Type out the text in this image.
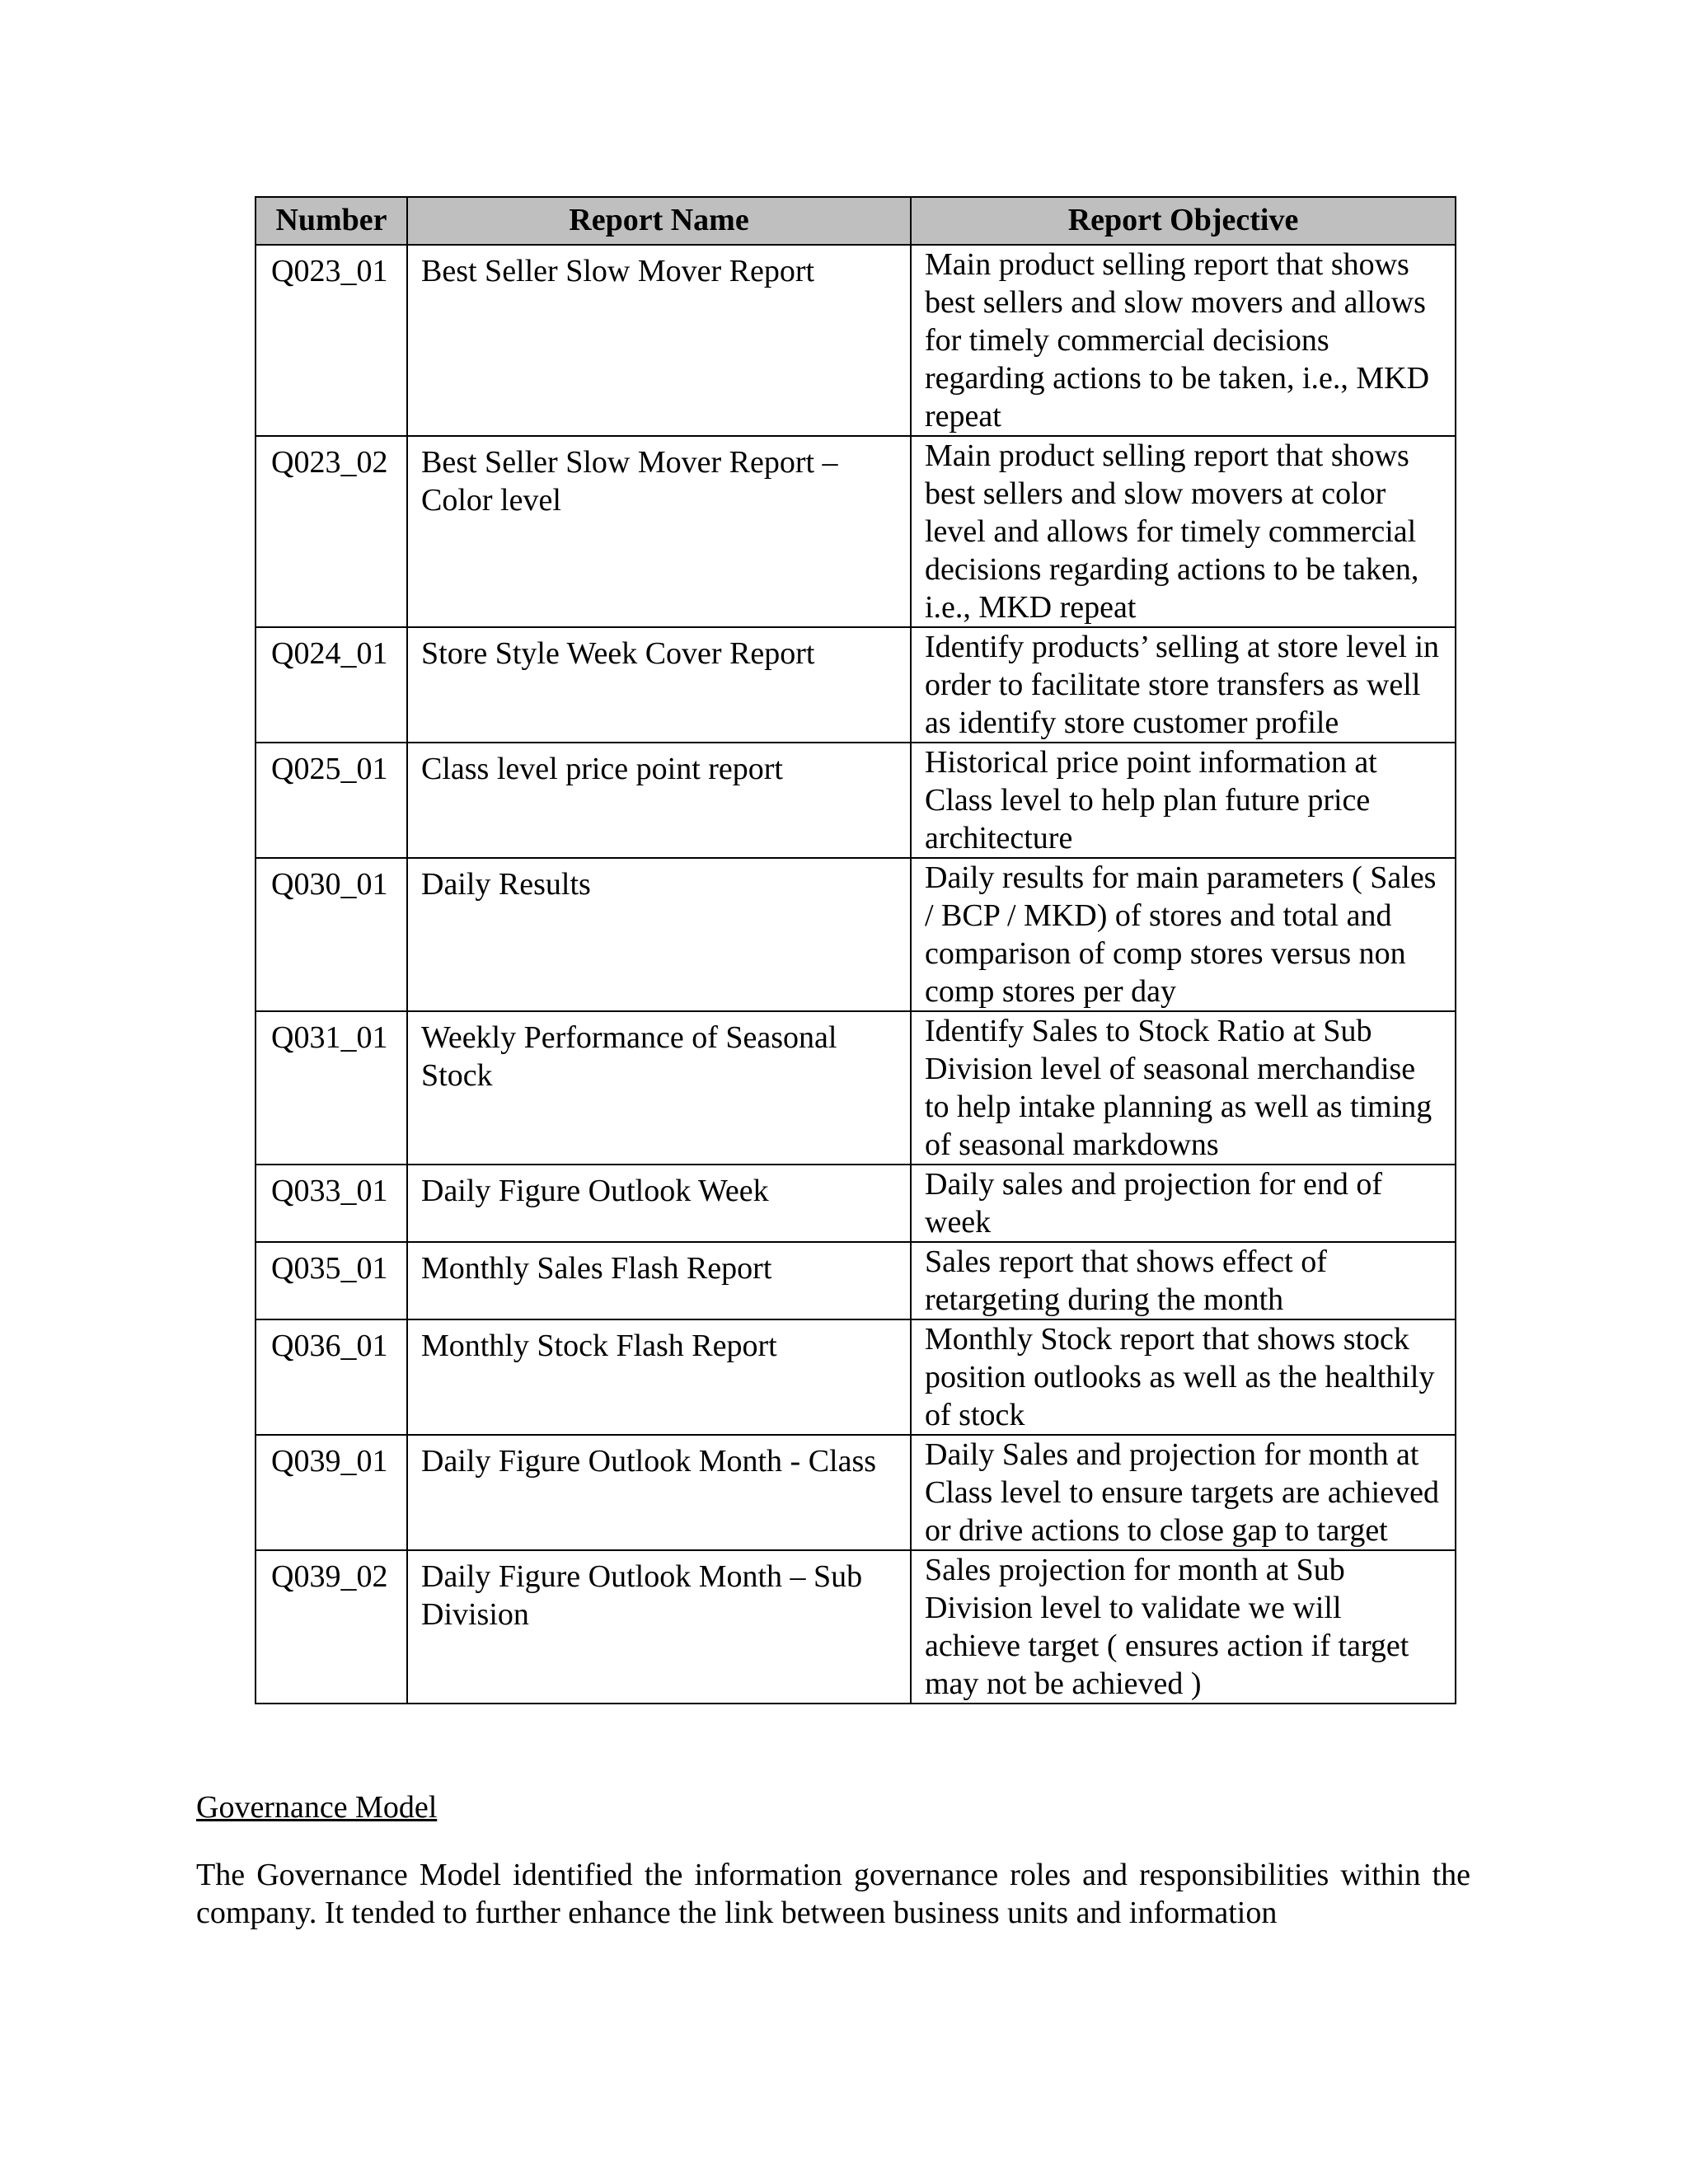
Number	Report Name	Report Objective
Q023_01	Best Seller Slow Mover Report	Main product selling report that shows best sellers and slow movers and allows for timely commercial decisions regarding actions to be taken, i.e., MKD repeat
Q023_02	Best Seller Slow Mover Report – Color level	Main product selling report that shows best sellers and slow movers at color level and allows for timely commercial decisions regarding actions to be taken, i.e., MKD repeat
Q024_01	Store Style Week Cover Report	Identify products’ selling at store level in order to facilitate store transfers as well as identify store customer profile
Q025_01	Class level price point report	Historical price point information at Class level to help plan future price architecture
Q030_01	Daily Results	Daily results for main parameters ( Sales / BCP / MKD) of stores and total and comparison of comp stores versus non comp stores per day
Q031_01	Weekly Performance of Seasonal Stock	Identify Sales to Stock Ratio at Sub Division level of seasonal merchandise to help intake planning as well as timing of seasonal markdowns
Q033_01	Daily Figure Outlook Week	Daily sales and projection for end of week
Q035_01	Monthly Sales Flash Report	Sales report that shows effect of retargeting during the month
Q036_01	Monthly Stock Flash Report	Monthly Stock report that shows stock position outlooks as well as the healthily of stock
Q039_01	Daily Figure Outlook Month - Class	Daily Sales and projection for month at Class level to ensure targets are achieved or drive actions to close gap to target
Q039_02	Daily Figure Outlook Month – Sub Division	Sales projection for month at Sub Division level to validate we will achieve target ( ensures action if target may not be achieved )
Governance Model

The Governance Model identified the information governance roles and responsibilities within the company. It tended to further enhance the link between business units and information
